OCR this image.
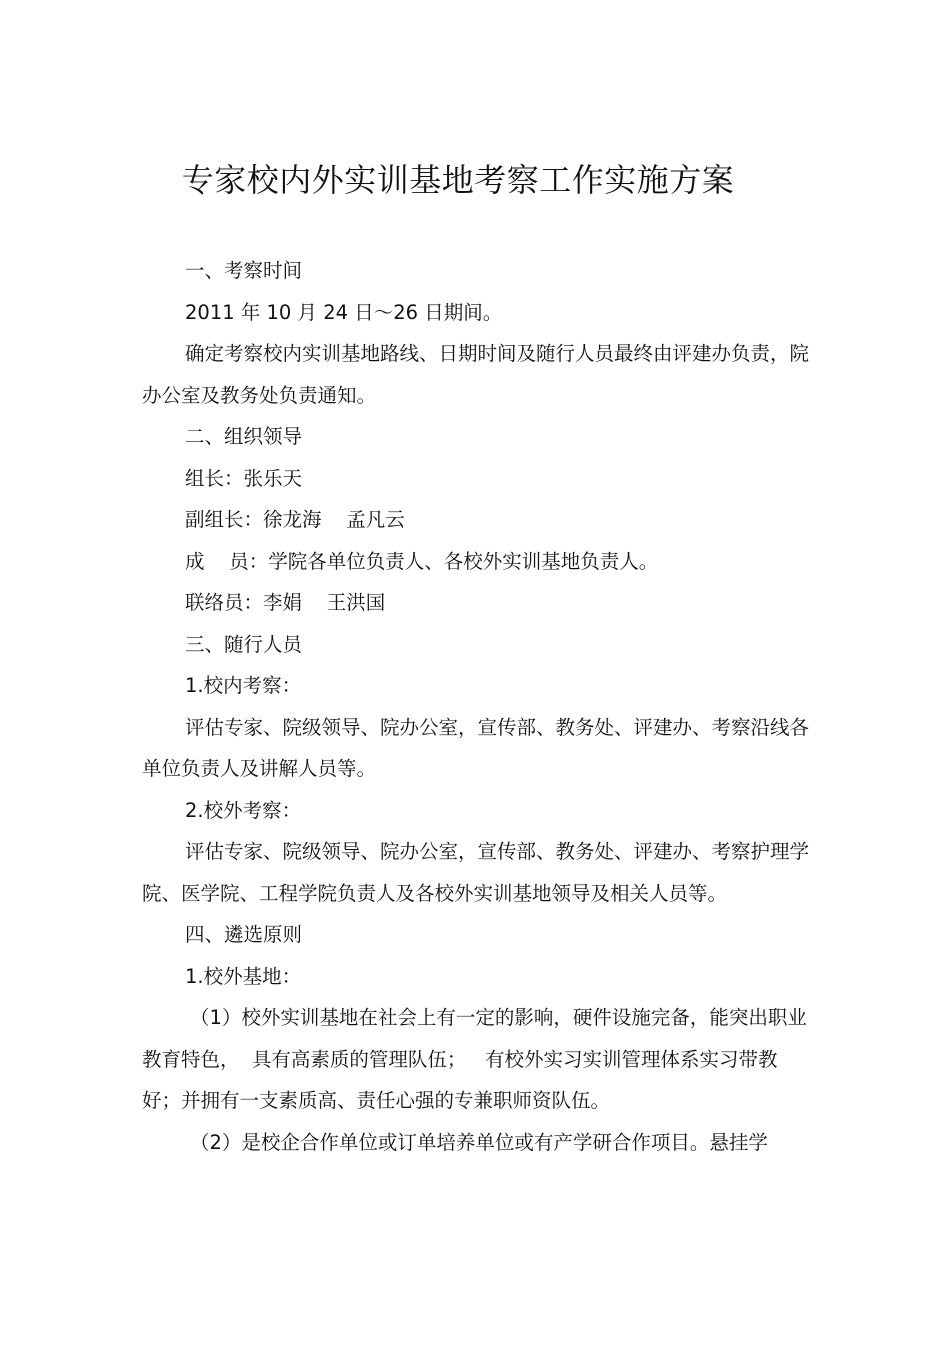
专家校内外实训基地考察工作实施方案

一、考察时间

2011 年 10 月 24 日～26 日期间。

确定考察校内实训基地路线、日期时间及随行人员最终由评建办负责，院办公室及教务处负责通知。

二、组织领导

组长：张乐天

副组长：徐龙海    孟凡云

成    员：学院各单位负责人、各校外实训基地负责人。

联络员：李娟    王洪国

三、随行人员

1.校内考察：

评估专家、院级领导、院办公室，宣传部、教务处、评建办、考察沿线各单位负责人及讲解人员等。

2.校外考察：

评估专家、院级领导、院办公室，宣传部、教务处、评建办、考察护理学院、医学院、工程学院负责人及各校外实训基地领导及相关人员等。

四、遴选原则

1.校外基地：

（1）校外实训基地在社会上有一定的影响，硬件设施完备，能突出职业教育特色，  具有高素质的管理队伍；   有校外实习实训管理体系实习带教好；并拥有一支素质高、责任心强的专兼职师资队伍。

（2）是校企合作单位或订单培养单位或有产学研合作项目。悬挂学
